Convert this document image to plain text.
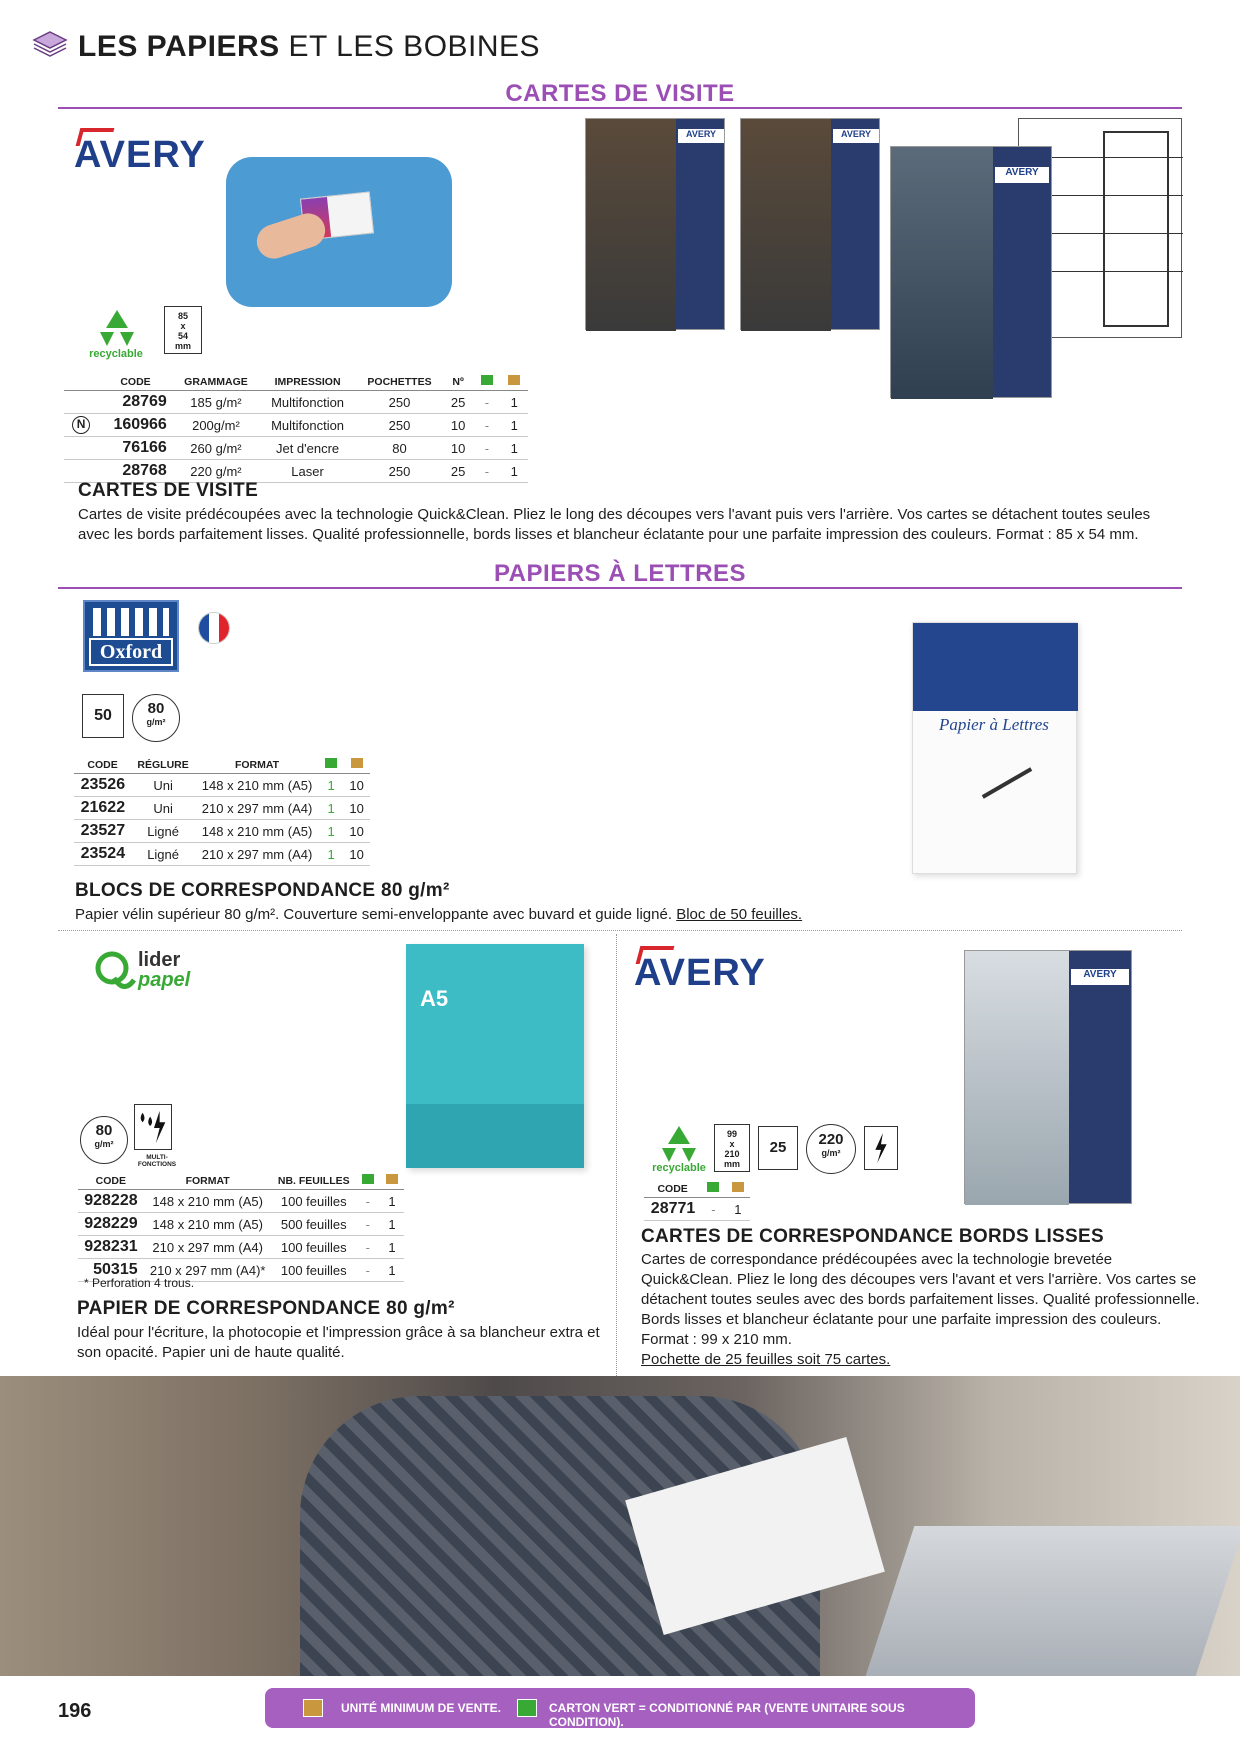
LES PAPIERS ET LES BOBINES
CARTES DE VISITE
AVERY
recyclable
85
x
54
mm
	CODE	GRAMMAGE	IMPRESSION	POCHETTES	Nº		
	28769	185 g/m²	Multifonction	250	25	-	1
N	160966	200g/m²	Multifonction	250	10	-	1
	76166	260 g/m²	Jet d'encre	80	10	-	1
	28768	220 g/m²	Laser	250	25	-	1
AVERY	AVERY
AVERY
CARTES DE VISITE
Cartes de visite prédécoupées avec la technologie Quick&Clean. Pliez le long des découpes vers l'avant puis vers l'arrière. Vos cartes se détachent toutes seules avec les bords parfaitement lisses. Qualité professionnelle, bords lisses et blancheur éclatante pour une parfaite impression des couleurs. Format : 85 x 54 mm.
PAPIERS À LETTRES
Oxford
50	80
g/m²
CODE	RÉGLURE	FORMAT		
23526	Uni	148 x 210 mm (A5)	1	10
21622	Uni	210 x 297 mm (A4)	1	10
23527	Ligné	148 x 210 mm (A5)	1	10
23524	Ligné	210 x 297 mm (A4)	1	10
Papier à Lettres
BLOCS DE CORRESPONDANCE 80 g/m²
Papier vélin supérieur 80 g/m². Couverture semi-enveloppante avec buvard et guide ligné. Bloc de 50 feuilles.
lider
papel
A5
80
g/m²
MULTI-FONCTIONS
CODE	FORMAT	NB. FEUILLES		
928228	148 x 210 mm (A5)	100 feuilles	-	1
928229	148 x 210 mm (A5)	500 feuilles	-	1
928231	210 x 297 mm (A4)	100 feuilles	-	1
50315	210 x 297 mm (A4)*	100 feuilles	-	1
* Perforation 4 trous.
PAPIER DE CORRESPONDANCE 80 g/m²
Idéal pour l'écriture, la photocopie et l'impression grâce à sa blancheur extra et son opacité. Papier uni de haute qualité.
AVERY	AVERY
recyclable
99
x
210
mm
25	220
g/m²
CODE		
28771	-	1
CARTES DE CORRESPONDANCE BORDS LISSES
Cartes de correspondance prédécoupées avec la technologie brevetée Quick&Clean. Pliez le long des découpes vers l'avant et vers l'arrière. Vos cartes se détachent toutes seules avec des bords parfaitement lisses. Qualité professionnelle. Bords lisses et blancheur éclatante pour une parfaite impression des couleurs. Format : 99 x 210 mm.
Pochette de 25 feuilles soit 75 cartes.
196	UNITÉ MINIMUM DE VENTE.	CARTON VERT = CONDITIONNÉ PAR (VENTE UNITAIRE SOUS CONDITION).
